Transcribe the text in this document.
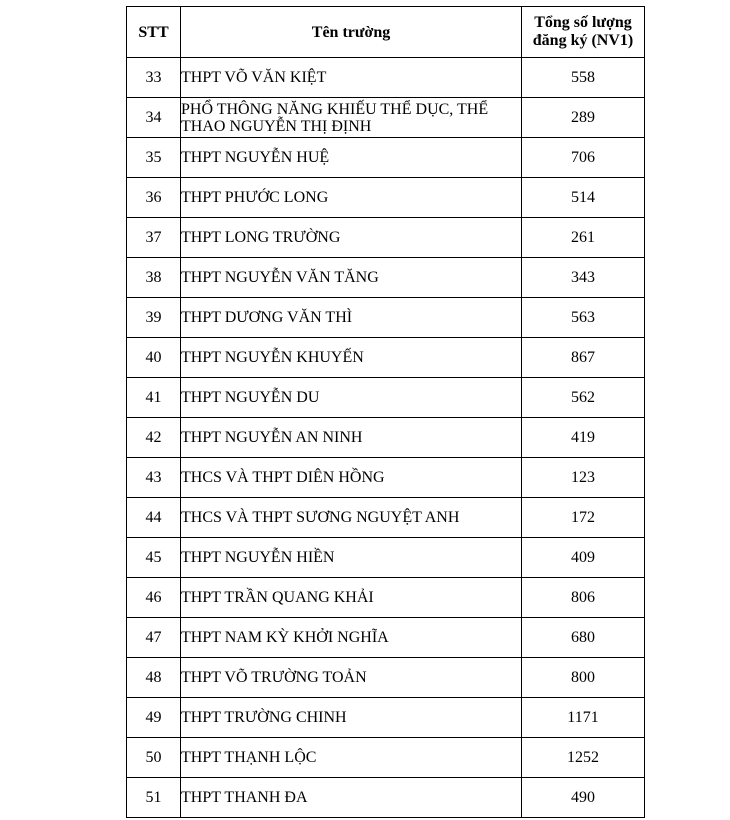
STT	Tên trường	Tổng số lượng
đăng ký (NV1)
33	THPT VÕ VĂN KIỆT	558
34	PHỔ THÔNG NĂNG KHIẾU THỂ DỤC, THỂ THAO NGUYỄN THỊ ĐỊNH	289
35	THPT NGUYỄN HUỆ	706
36	THPT PHƯỚC LONG	514
37	THPT LONG TRƯỜNG	261
38	THPT NGUYỄN VĂN TĂNG	343
39	THPT DƯƠNG VĂN THÌ	563
40	THPT NGUYỄN KHUYẾN	867
41	THPT NGUYỄN DU	562
42	THPT NGUYỄN AN NINH	419
43	THCS VÀ THPT DIÊN HỒNG	123
44	THCS VÀ THPT SƯƠNG NGUYỆT ANH	172
45	THPT NGUYỄN HIỀN	409
46	THPT TRẦN QUANG KHẢI	806
47	THPT NAM KỲ KHỞI NGHĨA	680
48	THPT VÕ TRƯỜNG TOẢN	800
49	THPT TRƯỜNG CHINH	1171
50	THPT THẠNH LỘC	1252
51	THPT THANH ĐA	490
